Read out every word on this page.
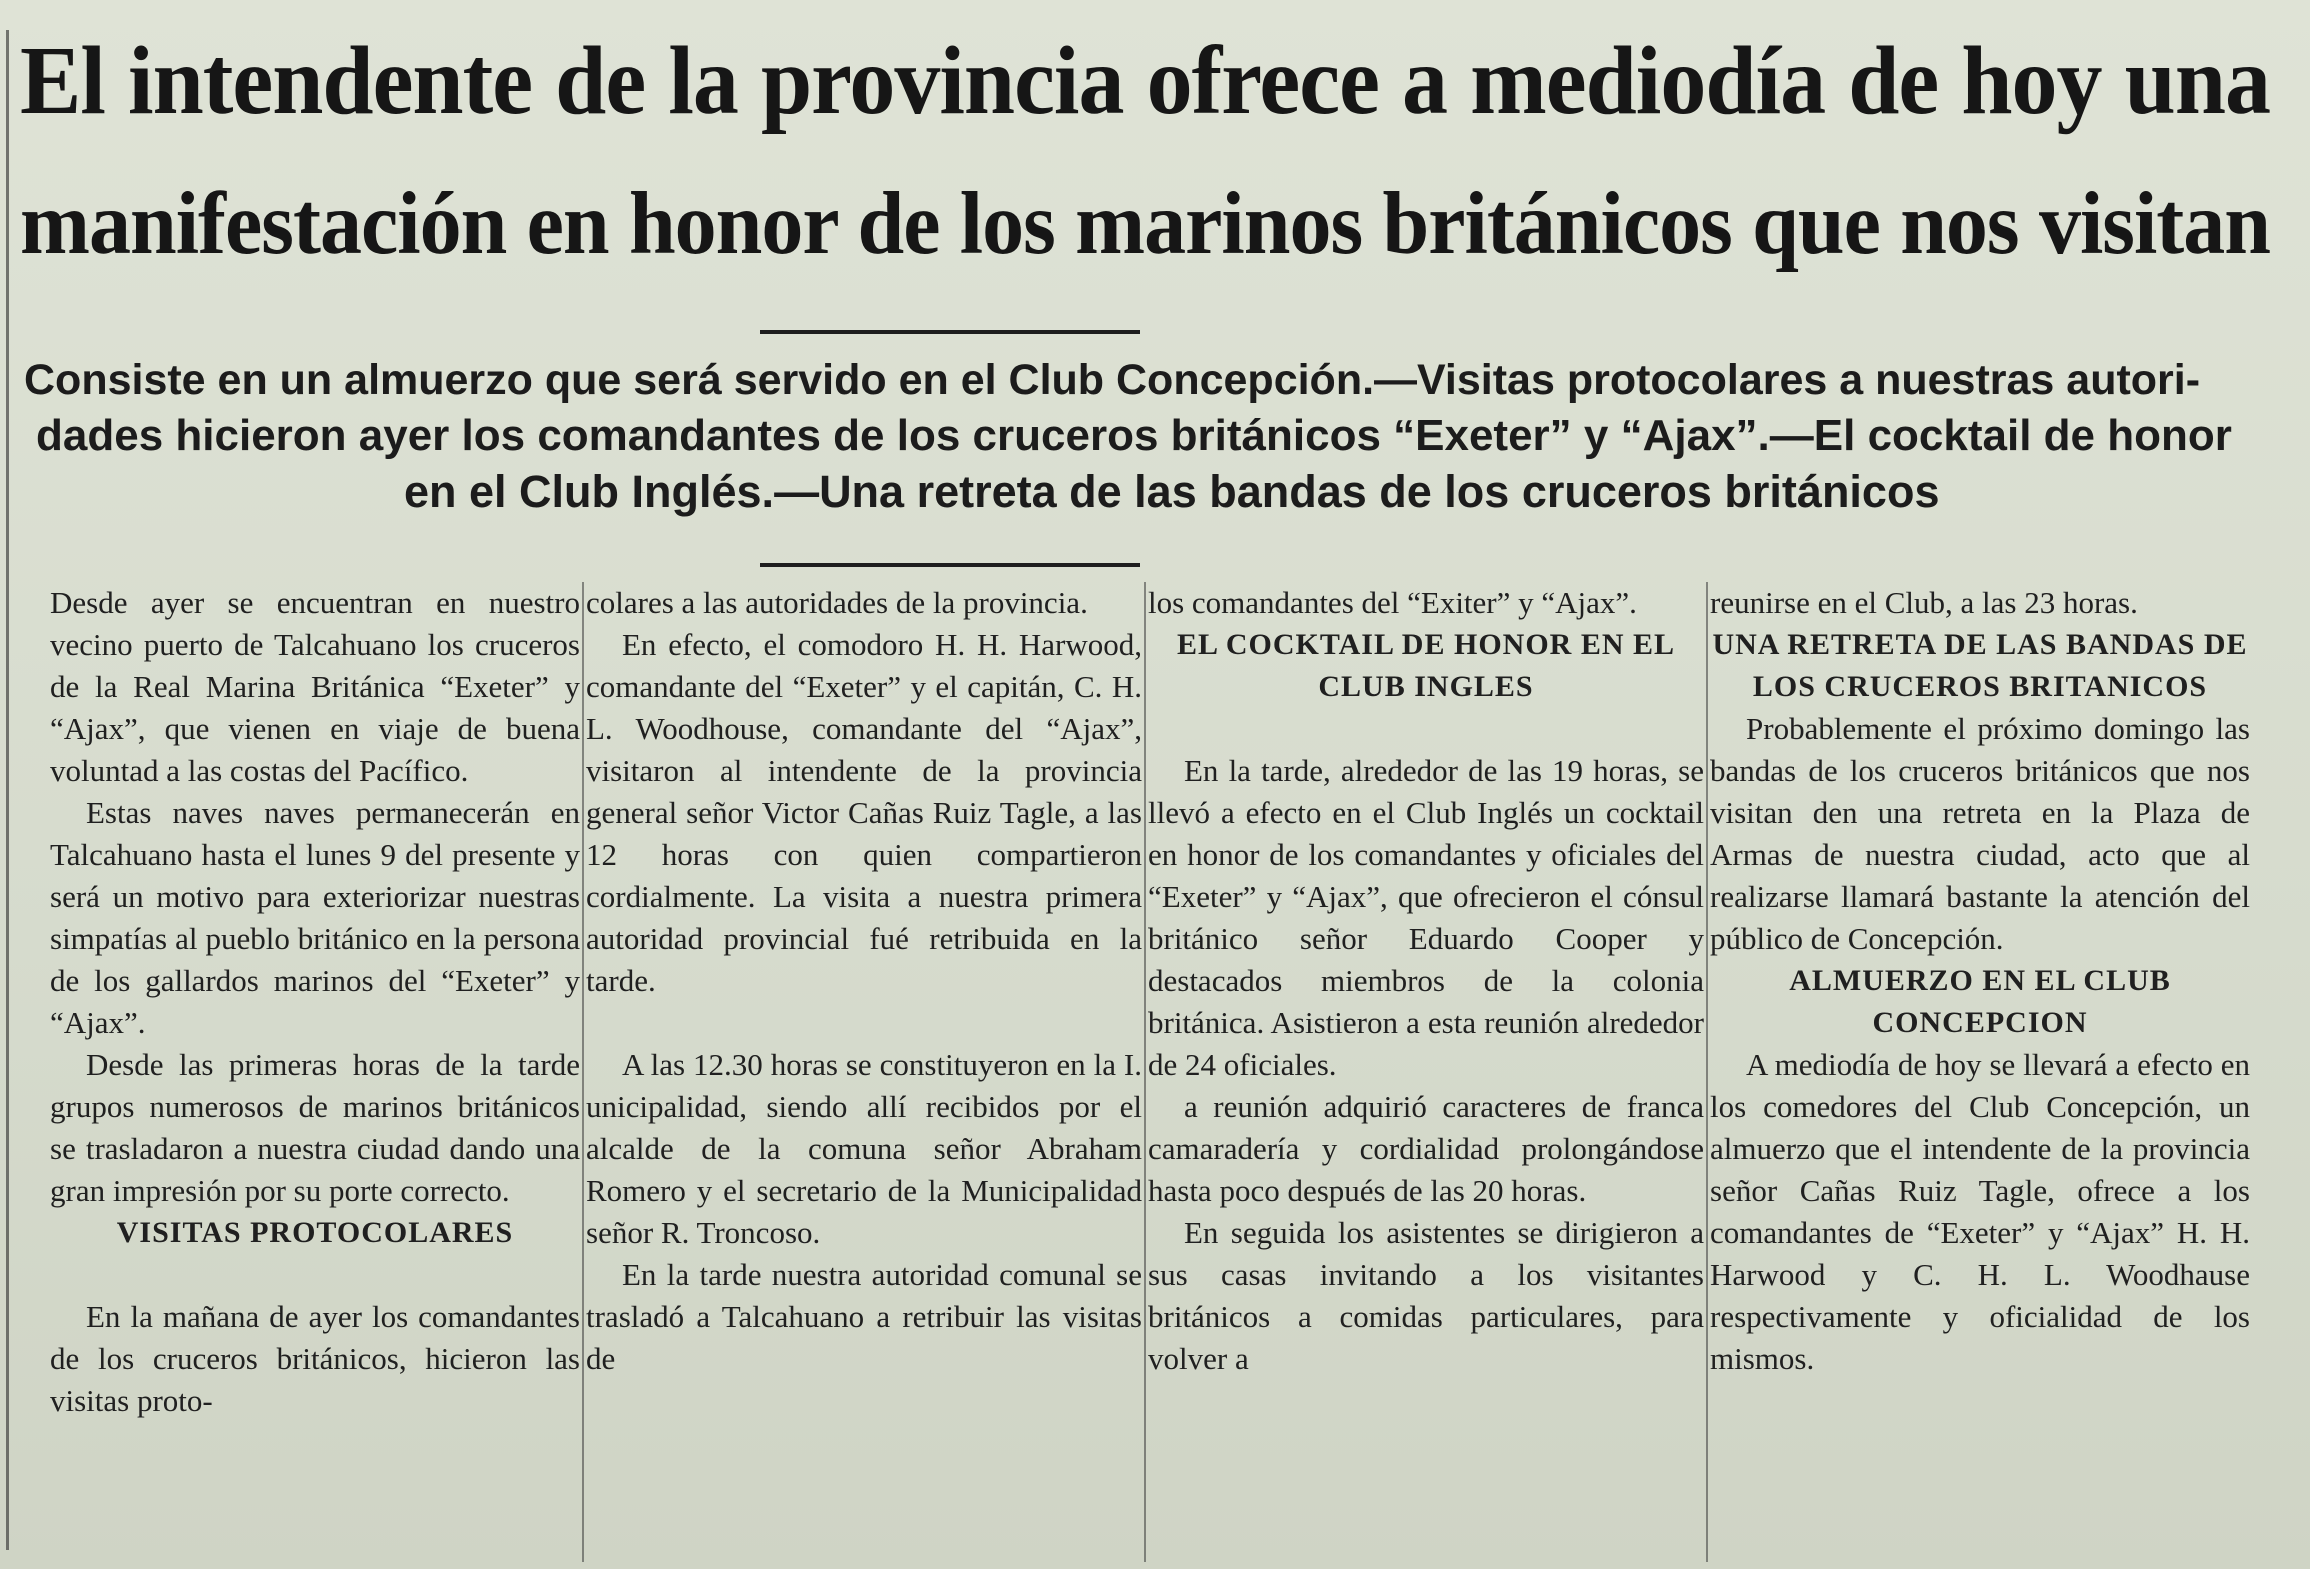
El intendente de la provincia ofrece a mediodía de hoy una
manifestación en honor de los marinos británicos que nos visitan
Consiste en un almuerzo que será servido en el Club Concepción.—Visitas protocolares a nuestras autori-
dades hicieron ayer los comandantes de los cruceros británicos “Exeter” y “Ajax”.—El cocktail de honor
en el Club Inglés.—Una retreta de las bandas de los cruceros británicos

Desde ayer se encuentran en nuestro vecino puerto de Talcahuano los cruceros de la Real Marina Británica “Exeter” y “Ajax”, que vienen en viaje de buena voluntad a las costas del Pacífico.

Estas naves naves permanecerán en Talcahuano hasta el lunes 9 del presente y será un motivo para exteriorizar nuestras simpatías al pueblo británico en la persona de los gallardos marinos del “Exeter” y “Ajax”.

Desde las primeras horas de la tarde grupos numerosos de marinos británicos se trasladaron a nuestra ciudad dando una gran impresión por su porte correcto.

VISITAS PROTOCOLARES

En la mañana de ayer los comandantes de los cruceros británicos, hicieron las visitas proto-

colares a las autoridades de la provincia.

En efecto, el comodoro H. H. Harwood, comandante del “Exeter” y el capitán, C. H. L. Woodhouse, comandante del “Ajax”, visitaron al intendente de la provincia general señor Victor Cañas Ruiz Tagle, a las 12 horas con quien compartieron cordialmente. La visita a nuestra primera autoridad provincial fué retribuida en la tarde.

A las 12.30 horas se constituyeron en la I. unicipalidad, siendo allí recibidos por el alcalde de la comuna señor Abraham Romero y el secretario de la Municipalidad señor R. Troncoso.

En la tarde nuestra autoridad comunal se trasladó a Talcahuano a retribuir las visitas de

los comandantes del “Exiter” y “Ajax”.

EL COCKTAIL DE HONOR EN EL CLUB INGLES

En la tarde, alrededor de las 19 horas, se llevó a efecto en el Club Inglés un cocktail en honor de los comandantes y oficiales del “Exeter” y “Ajax”, que ofrecieron el cónsul británico señor Eduardo Cooper y destacados miembros de la colonia británica. Asistieron a esta reunión alrededor de 24 oficiales.

a reunión adquirió caracteres de franca camaradería y cordialidad prolongándose hasta poco después de las 20 horas.

En seguida los asistentes se dirigieron a sus casas invitando a los visitantes británicos a comidas particulares, para volver a

reunirse en el Club, a las 23 horas.

UNA RETRETA DE LAS BANDAS DE LOS CRUCEROS BRITANICOS

Probablemente el próximo domingo las bandas de los cruceros británicos que nos visitan den una retreta en la Plaza de Armas de nuestra ciudad, acto que al realizarse llamará bastante la atención del público de Concepción.

ALMUERZO EN EL CLUB CONCEPCION

A mediodía de hoy se llevará a efecto en los comedores del Club Concepción, un almuerzo que el intendente de la provincia señor Cañas Ruiz Tagle, ofrece a los comandantes de “Exeter” y “Ajax” H. H. Harwood y C. H. L. Woodhause respectivamente y oficialidad de los mismos.
